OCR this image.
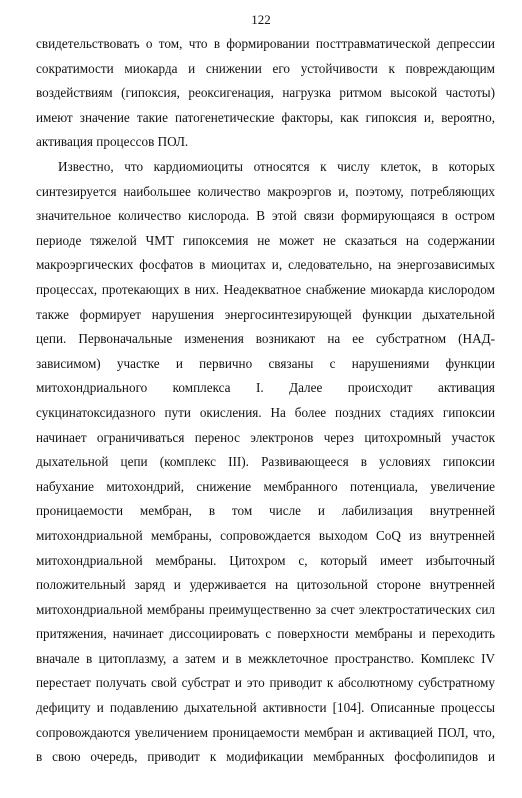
122
свидетельствовать о том, что в формировании посттравматической депрессии
сократимости миокарда и снижении его устойчивости к повреждающим
воздействиям (гипоксия, реоксигенация, нагрузка ритмом высокой частоты)
имеют значение такие патогенетические факторы, как гипоксия и, вероятно,
активация процессов ПОЛ.
Известно, что кардиомиоциты относятся к числу клеток, в которых
синтезируется наибольшее количество макроэргов и, поэтому, потребляющих
значительное количество кислорода. В этой связи формирующаяся в остром
периоде тяжелой ЧМТ гипоксемия не может не сказаться на содержании
макроэргических фосфатов в миоцитах и, следовательно, на энергозависимых
процессах, протекающих в них. Неадекватное снабжение миокарда кислородом
также формирует нарушения энергосинтезирующей функции дыхательной
цепи. Первоначальные изменения возникают на ее субстратном (НАД-
зависимом) участке и первично связаны с нарушениями функции
митохондриального комплекса I. Далее происходит активация
сукцинатоксидазного пути окисления. На более поздних стадиях гипоксии
начинает ограничиваться перенос электронов через цитохромный участок
дыхательной цепи (комплекс III). Развивающееся в условиях гипоксии
набухание митохондрий, снижение мембранного потенциала, увеличение
проницаемости мембран, в том числе и лабилизация внутренней
митохондриальной мембраны, сопровождается выходом CoQ из внутренней
митохондриальной мембраны. Цитохром с, который имеет избыточный
положительный заряд и удерживается на цитозольной стороне внутренней
митохондриальной мембраны преимущественно за счет электростатических сил
притяжения, начинает диссоциировать с поверхности мембраны и переходить
вначале в цитоплазму, а затем и в межклеточное пространство. Комплекс IV
перестает получать свой субстрат и это приводит к абсолютному субстратному
дефициту и подавлению дыхательной активности [104]. Описанные процессы
сопровождаются увеличением проницаемости мембран и активацией ПОЛ, что,
в свою очередь, приводит к модификации мембранных фосфолипидов и
